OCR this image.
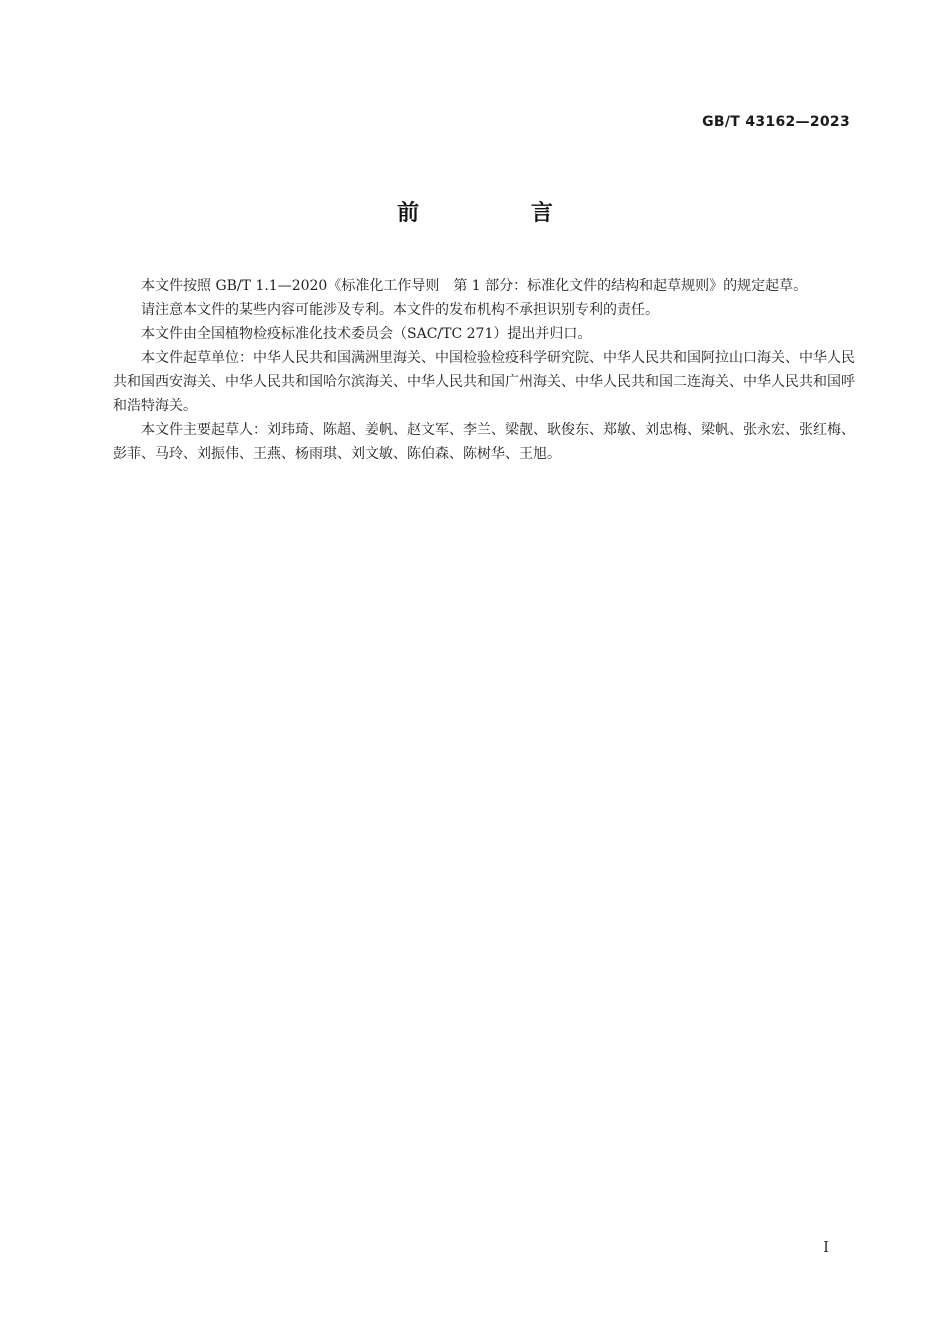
GB/T 43162—2023
前 言

本文件按照 GB/T 1.1—2020《标准化工作导则　第 1 部分：标准化文件的结构和起草规则》的规定起草。

请注意本文件的某些内容可能涉及专利。本文件的发布机构不承担识别专利的责任。

本文件由全国植物检疫标准化技术委员会（SAC/TC 271）提出并归口。

本文件起草单位：中华人民共和国满洲里海关、中国检验检疫科学研究院、中华人民共和国阿拉山口海关、中华人民共和国西安海关、中华人民共和国哈尔滨海关、中华人民共和国广州海关、中华人民共和国二连海关、中华人民共和国呼和浩特海关。

本文件主要起草人：刘玮琦、陈超、姜帆、赵文军、李兰、梁靓、耿俊东、郑敏、刘忠梅、梁帆、张永宏、张红梅、彭菲、马玲、刘振伟、王燕、杨雨琪、刘文敏、陈伯森、陈树华、王旭。

I
